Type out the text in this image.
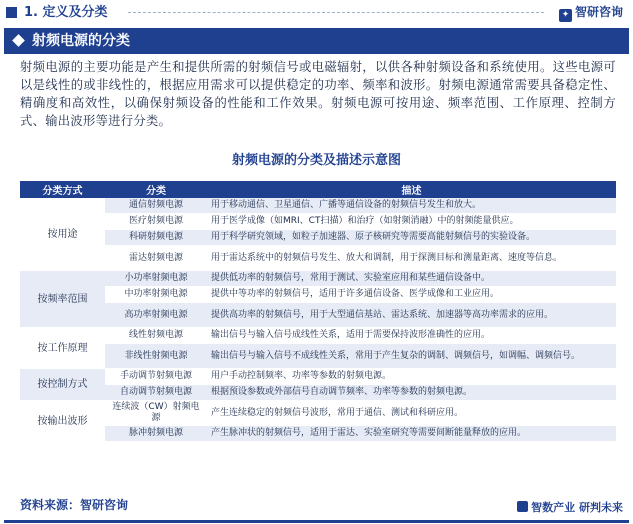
1. 定义及分类	✦ 智研咨询
射频电源的分类
射频电源的主要功能是产生和提供所需的射频信号或电磁辐射，以供各种射频设备和系统使用。这些电源可以是线性的或非线性的，根据应用需求可以提供稳定的功率、频率和波形。射频电源通常需要具备稳定性、精确度和高效性，以确保射频设备的性能和工作效果。射频电源可按用途、频率范围、工作原理、控制方式、输出波形等进行分类。
射频电源的分类及描述示意图
分类方式	分类	描述
按用途	通信射频电源	用于移动通信、卫星通信、广播等通信设备的射频信号发生和放大。
	医疗射频电源	用于医学成像（如MRI、CT扫描）和治疗（如射频消融）中的射频能量供应。
	科研射频电源	用于科学研究领域，如粒子加速器、原子核研究等需要高能射频信号的实验设备。
	雷达射频电源	用于雷达系统中的射频信号发生、放大和调制，用于探测目标和测量距离、速度等信息。
按频率范围	小功率射频电源	提供低功率的射频信号，常用于测试、实验室应用和某些通信设备中。
	中功率射频电源	提供中等功率的射频信号，适用于许多通信设备、医学成像和工业应用。
	高功率射频电源	提供高功率的射频信号，用于大型通信基站、雷达系统、加速器等高功率需求的应用。
按工作原理	线性射频电源	输出信号与输入信号成线性关系，适用于需要保持波形准确性的应用。
	非线性射频电源	输出信号与输入信号不成线性关系，常用于产生复杂的调制、调频信号，如调幅、调频信号。
按控制方式	手动调节射频电源	用户手动控制频率、功率等参数的射频电源。
	自动调节射频电源	根据预设参数或外部信号自动调节频率、功率等参数的射频电源。
按输出波形	连续波（CW）射频电源	产生连续稳定的射频信号波形，常用于通信、测试和科研应用。
	脉冲射频电源	产生脉冲状的射频信号，适用于雷达、实验室研究等需要间断能量释放的应用。
资料来源：智研咨询	智数产业 研判未来
